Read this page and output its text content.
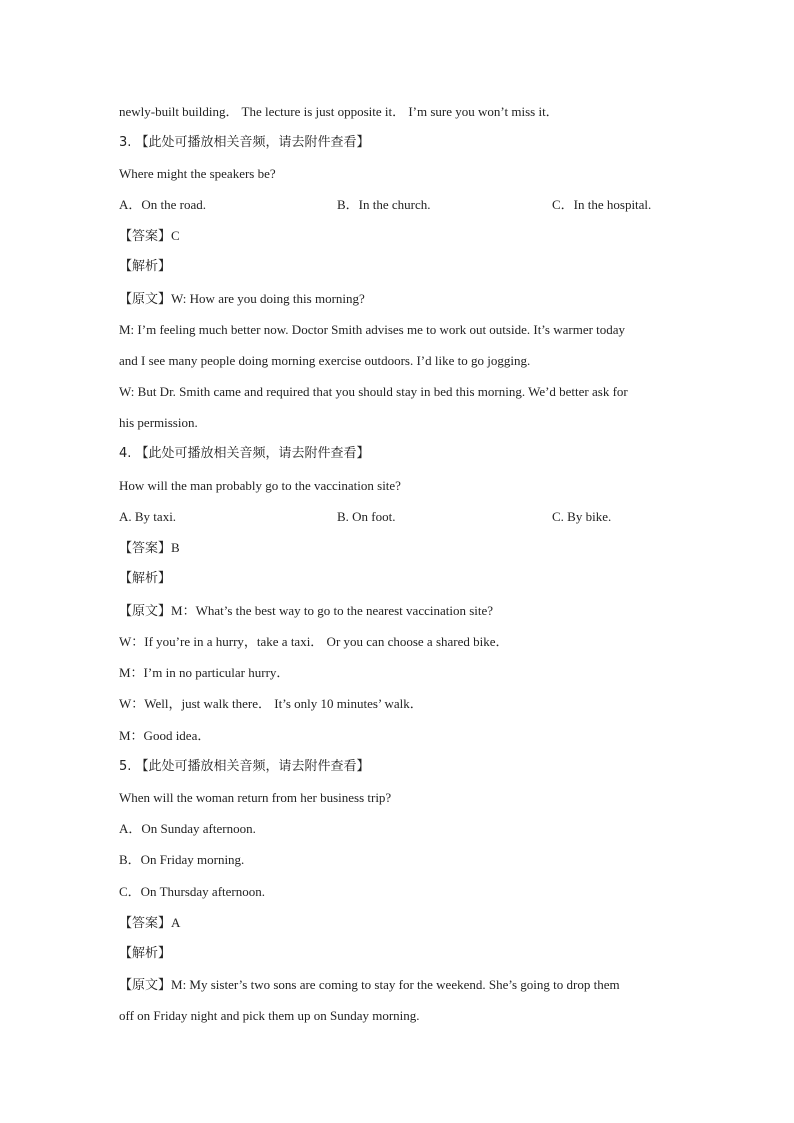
newly-built building． The lecture is just opposite it． I’m sure you won’t miss it．
3. 【此处可播放相关音频，请去附件查看】
Where might the speakers be?
A．On the road.	B．In the church.	C．In the hospital.
【答案】C
【解析】
【原文】W: How are you doing this morning?
M: I’m feeling much better now. Doctor Smith advises me to work out outside. It’s warmer today
and I see many people doing morning exercise outdoors. I’d like to go jogging.
W: But Dr. Smith came and required that you should stay in bed this morning. We’d better ask for
his permission.
4. 【此处可播放相关音频，请去附件查看】
How will the man probably go to the vaccination site?
A. By taxi.	B. On foot.	C. By bike.
【答案】B
【解析】
【原文】M：What’s the best way to go to the nearest vaccination site?
W：If you’re in a hurry，take a taxi． Or you can choose a shared bike．
M：I’m in no particular hurry．
W：Well，just walk there． It’s only 10 minutes’ walk．
M：Good idea．
5. 【此处可播放相关音频，请去附件查看】
When will the woman return from her business trip?
A．On Sunday afternoon.
B．On Friday morning.
C．On Thursday afternoon.
【答案】A
【解析】
【原文】M: My sister’s two sons are coming to stay for the weekend. She’s going to drop them
off on Friday night and pick them up on Sunday morning.
